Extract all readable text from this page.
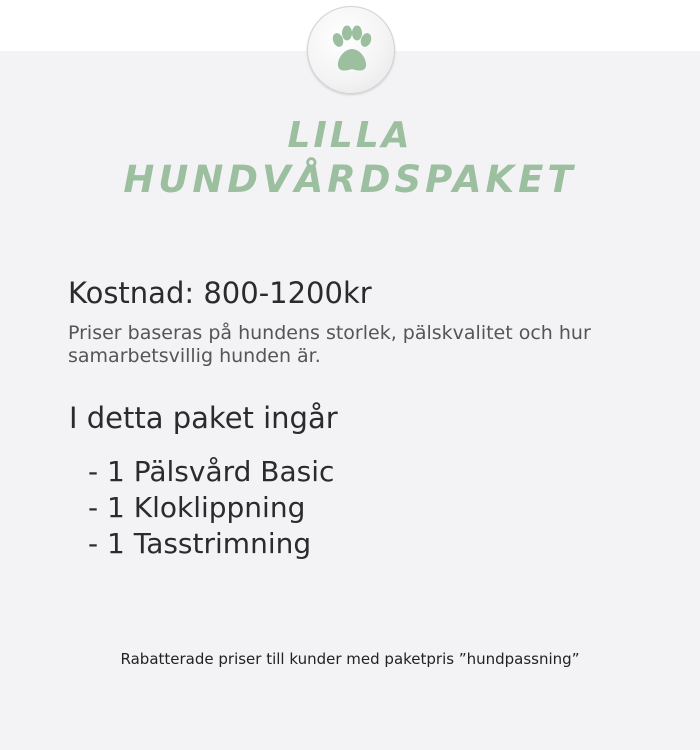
LILLA
HUNDVÅRDSPAKET
Kostnad: 800-1200kr
Priser baseras på hundens storlek, pälskvalitet och hur samarbetsvillig hunden är.
I detta paket ingår
- 1 Pälsvård Basic
- 1 Kloklippning
- 1 Tasstrimning
Rabatterade priser till kunder med paketpris ”hundpassning”
